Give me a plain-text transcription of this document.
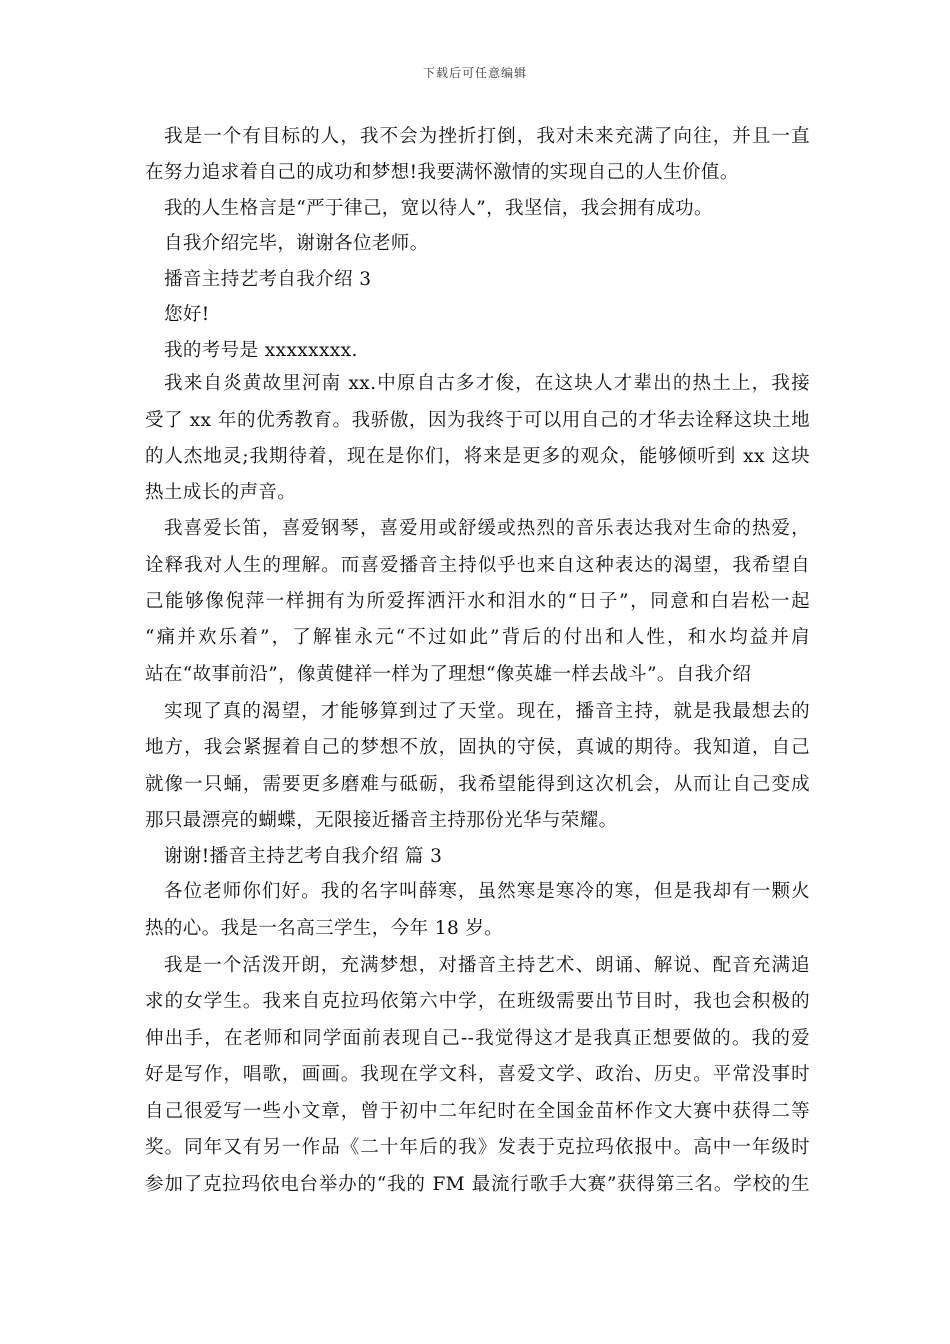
下载后可任意编辑
我是一个有目标的人，我不会为挫折打倒，我对未来充满了向往，并且一直
在努力追求着自己的成功和梦想!我要满怀激情的实现自己的人生价值。
我的人生格言是“严于律己，宽以待人”，我坚信，我会拥有成功。
自我介绍完毕，谢谢各位老师。
播音主持艺考自我介绍 3
您好!
我的考号是 xxxxxxxx.
我来自炎黄故里河南 xx.中原自古多才俊，在这块人才辈出的热土上，我接
受了 xx 年的优秀教育。我骄傲，因为我终于可以用自己的才华去诠释这块土地
的人杰地灵;我期待着，现在是你们，将来是更多的观众，能够倾听到 xx 这块
热土成长的声音。
我喜爱长笛，喜爱钢琴，喜爱用或舒缓或热烈的音乐表达我对生命的热爱，
诠释我对人生的理解。而喜爱播音主持似乎也来自这种表达的渴望，我希望自
己能够像倪萍一样拥有为所爱挥洒汗水和泪水的“日子”，同意和白岩松一起
“痛并欢乐着”，了解崔永元“不过如此”背后的付出和人性，和水均益并肩
站在“故事前沿”，像黄健祥一样为了理想“像英雄一样去战斗”。自我介绍
实现了真的渴望，才能够算到过了天堂。现在，播音主持，就是我最想去的
地方，我会紧握着自己的梦想不放，固执的守侯，真诚的期待。我知道，自己
就像一只蛹，需要更多磨难与砥砺，我希望能得到这次机会，从而让自己变成
那只最漂亮的蝴蝶，无限接近播音主持那份光华与荣耀。
谢谢!播音主持艺考自我介绍 篇 3
各位老师你们好。我的名字叫薛寒，虽然寒是寒冷的寒，但是我却有一颗火
热的心。我是一名高三学生，今年 18 岁。
我是一个活泼开朗，充满梦想，对播音主持艺术、朗诵、解说、配音充满追
求的女学生。我来自克拉玛依第六中学，在班级需要出节目时，我也会积极的
伸出手，在老师和同学面前表现自己--我觉得这才是我真正想要做的。我的爱
好是写作，唱歌，画画。我现在学文科，喜爱文学、政治、历史。平常没事时
自己很爱写一些小文章，曾于初中二年纪时在全国金苗杯作文大赛中获得二等
奖。同年又有另一作品《二十年后的我》发表于克拉玛依报中。高中一年级时
参加了克拉玛依电台举办的“我的 FM 最流行歌手大赛”获得第三名。学校的生
